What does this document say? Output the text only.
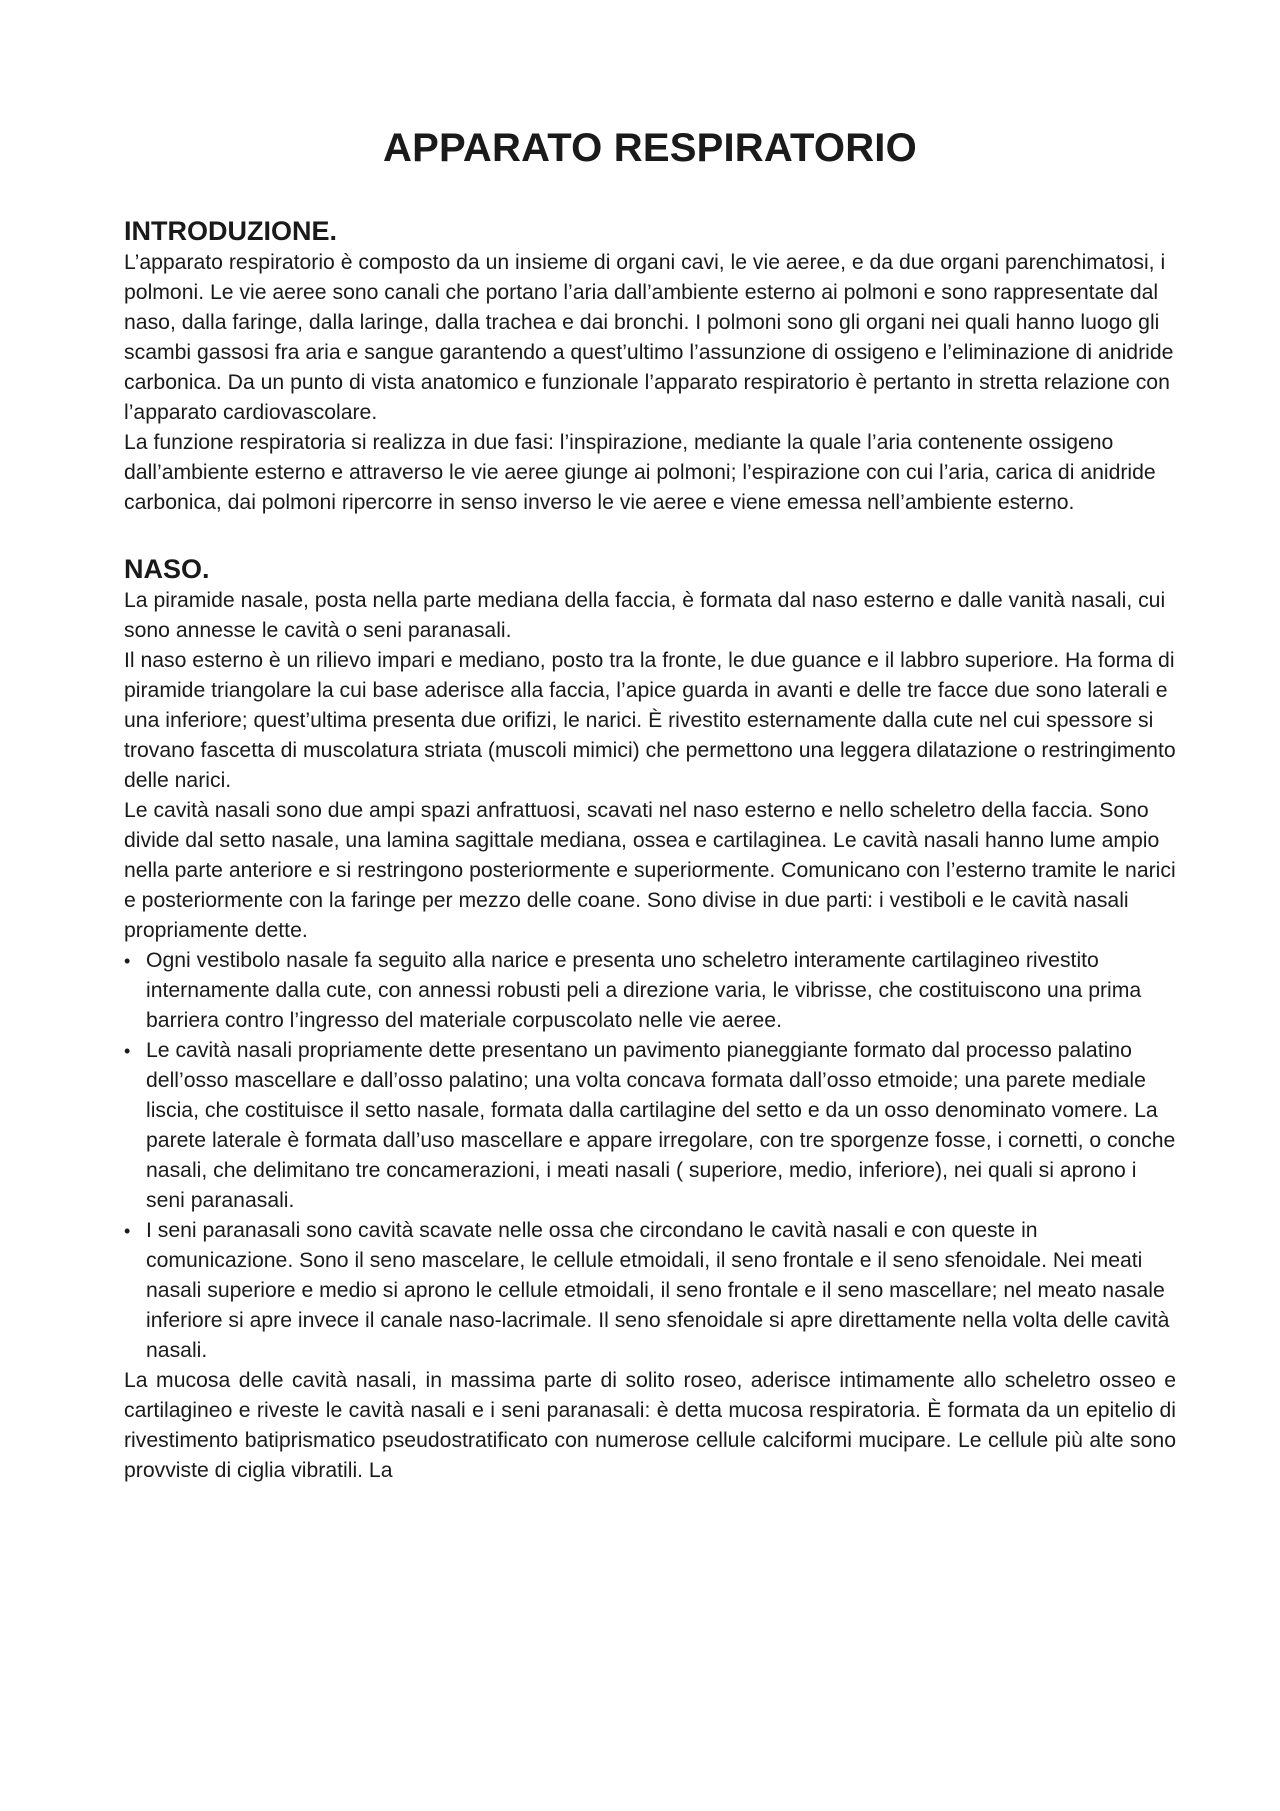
APPARATO RESPIRATORIO
INTRODUZIONE.

L’apparato respiratorio è composto da un insieme di organi cavi, le vie aeree, e da due organi parenchimatosi, i polmoni. Le vie aeree sono canali che portano l’aria dall’ambiente esterno ai polmoni e sono rappresentate dal naso, dalla faringe, dalla laringe, dalla trachea e dai bronchi. I polmoni sono gli organi nei quali hanno luogo gli scambi gassosi fra aria e sangue garantendo a quest’ultimo l’assunzione di ossigeno e l’eliminazione di anidride carbonica. Da un punto di vista anatomico e funzionale l’apparato respiratorio è pertanto in stretta relazione con l’apparato cardiovascolare.

La funzione respiratoria si realizza in due fasi: l’inspirazione, mediante la quale l’aria contenente ossigeno dall’ambiente esterno e attraverso le vie aeree giunge ai polmoni; l’espirazione con cui l’aria, carica di anidride carbonica, dai polmoni ripercorre in senso inverso le vie aeree e viene emessa nell’ambiente esterno.

NASO.

La piramide nasale, posta nella parte mediana della faccia, è formata dal naso esterno e dalle vanità nasali, cui sono annesse le cavità o seni paranasali.

Il naso esterno è un rilievo impari e mediano, posto tra la fronte, le due guance e il labbro superiore. Ha forma di piramide triangolare la cui base aderisce alla faccia, l’apice guarda in avanti e delle tre facce due sono laterali e una inferiore; quest’ultima presenta due orifizi, le narici. È rivestito esternamente dalla cute nel cui spessore si trovano fascetta di muscolatura striata (muscoli mimici) che permettono una leggera dilatazione o restringimento delle narici.

Le cavità nasali sono due ampi spazi anfrattuosi, scavati nel naso esterno e nello scheletro della faccia. Sono divide dal setto nasale, una lamina sagittale mediana, ossea e cartilaginea. Le cavità nasali hanno lume ampio nella parte anteriore e si restringono posteriormente e superiormente. Comunicano con l’esterno tramite le narici e posteriormente con la faringe per mezzo delle coane. Sono divise in due parti: i vestiboli e le cavità nasali propriamente dette.

• Ogni vestibolo nasale fa seguito alla narice e presenta uno scheletro interamente cartilagineo rivestito internamente dalla cute, con annessi robusti peli a direzione varia, le vibrisse, che costituiscono una prima barriera contro l’ingresso del materiale corpuscolato nelle vie aeree.
• Le cavità nasali propriamente dette presentano un pavimento pianeggiante formato dal processo palatino dell’osso mascellare e dall’osso palatino; una volta concava formata dall’osso etmoide; una parete mediale liscia, che costituisce il setto nasale, formata dalla cartilagine del setto e da un osso denominato vomere. La parete laterale è formata dall’uso mascellare e appare irregolare, con tre sporgenze fosse, i cornetti, o conche nasali, che delimitano tre concamerazioni, i meati nasali ( superiore, medio, inferiore), nei quali si aprono i seni paranasali.
• I seni paranasali sono cavità scavate nelle ossa che circondano le cavità nasali e con queste in comunicazione. Sono il seno mascelare, le cellule etmoidali, il seno frontale e il seno sfenoidale. Nei meati nasali superiore e medio si aprono le cellule etmoidali, il seno frontale e il seno mascellare; nel meato nasale inferiore si apre invece il canale naso-lacrimale. Il seno sfenoidale si apre direttamente nella volta delle cavità nasali.

La mucosa delle cavità nasali, in massima parte di solito roseo, aderisce intimamente allo scheletro osseo e cartilagineo e riveste le cavità nasali e i seni paranasali: è detta mucosa respiratoria. È formata da un epitelio di rivestimento batiprismatico pseudostratificato con numerose cellule calciformi mucipare. Le cellule più alte sono provviste di ciglia vibratili. La
